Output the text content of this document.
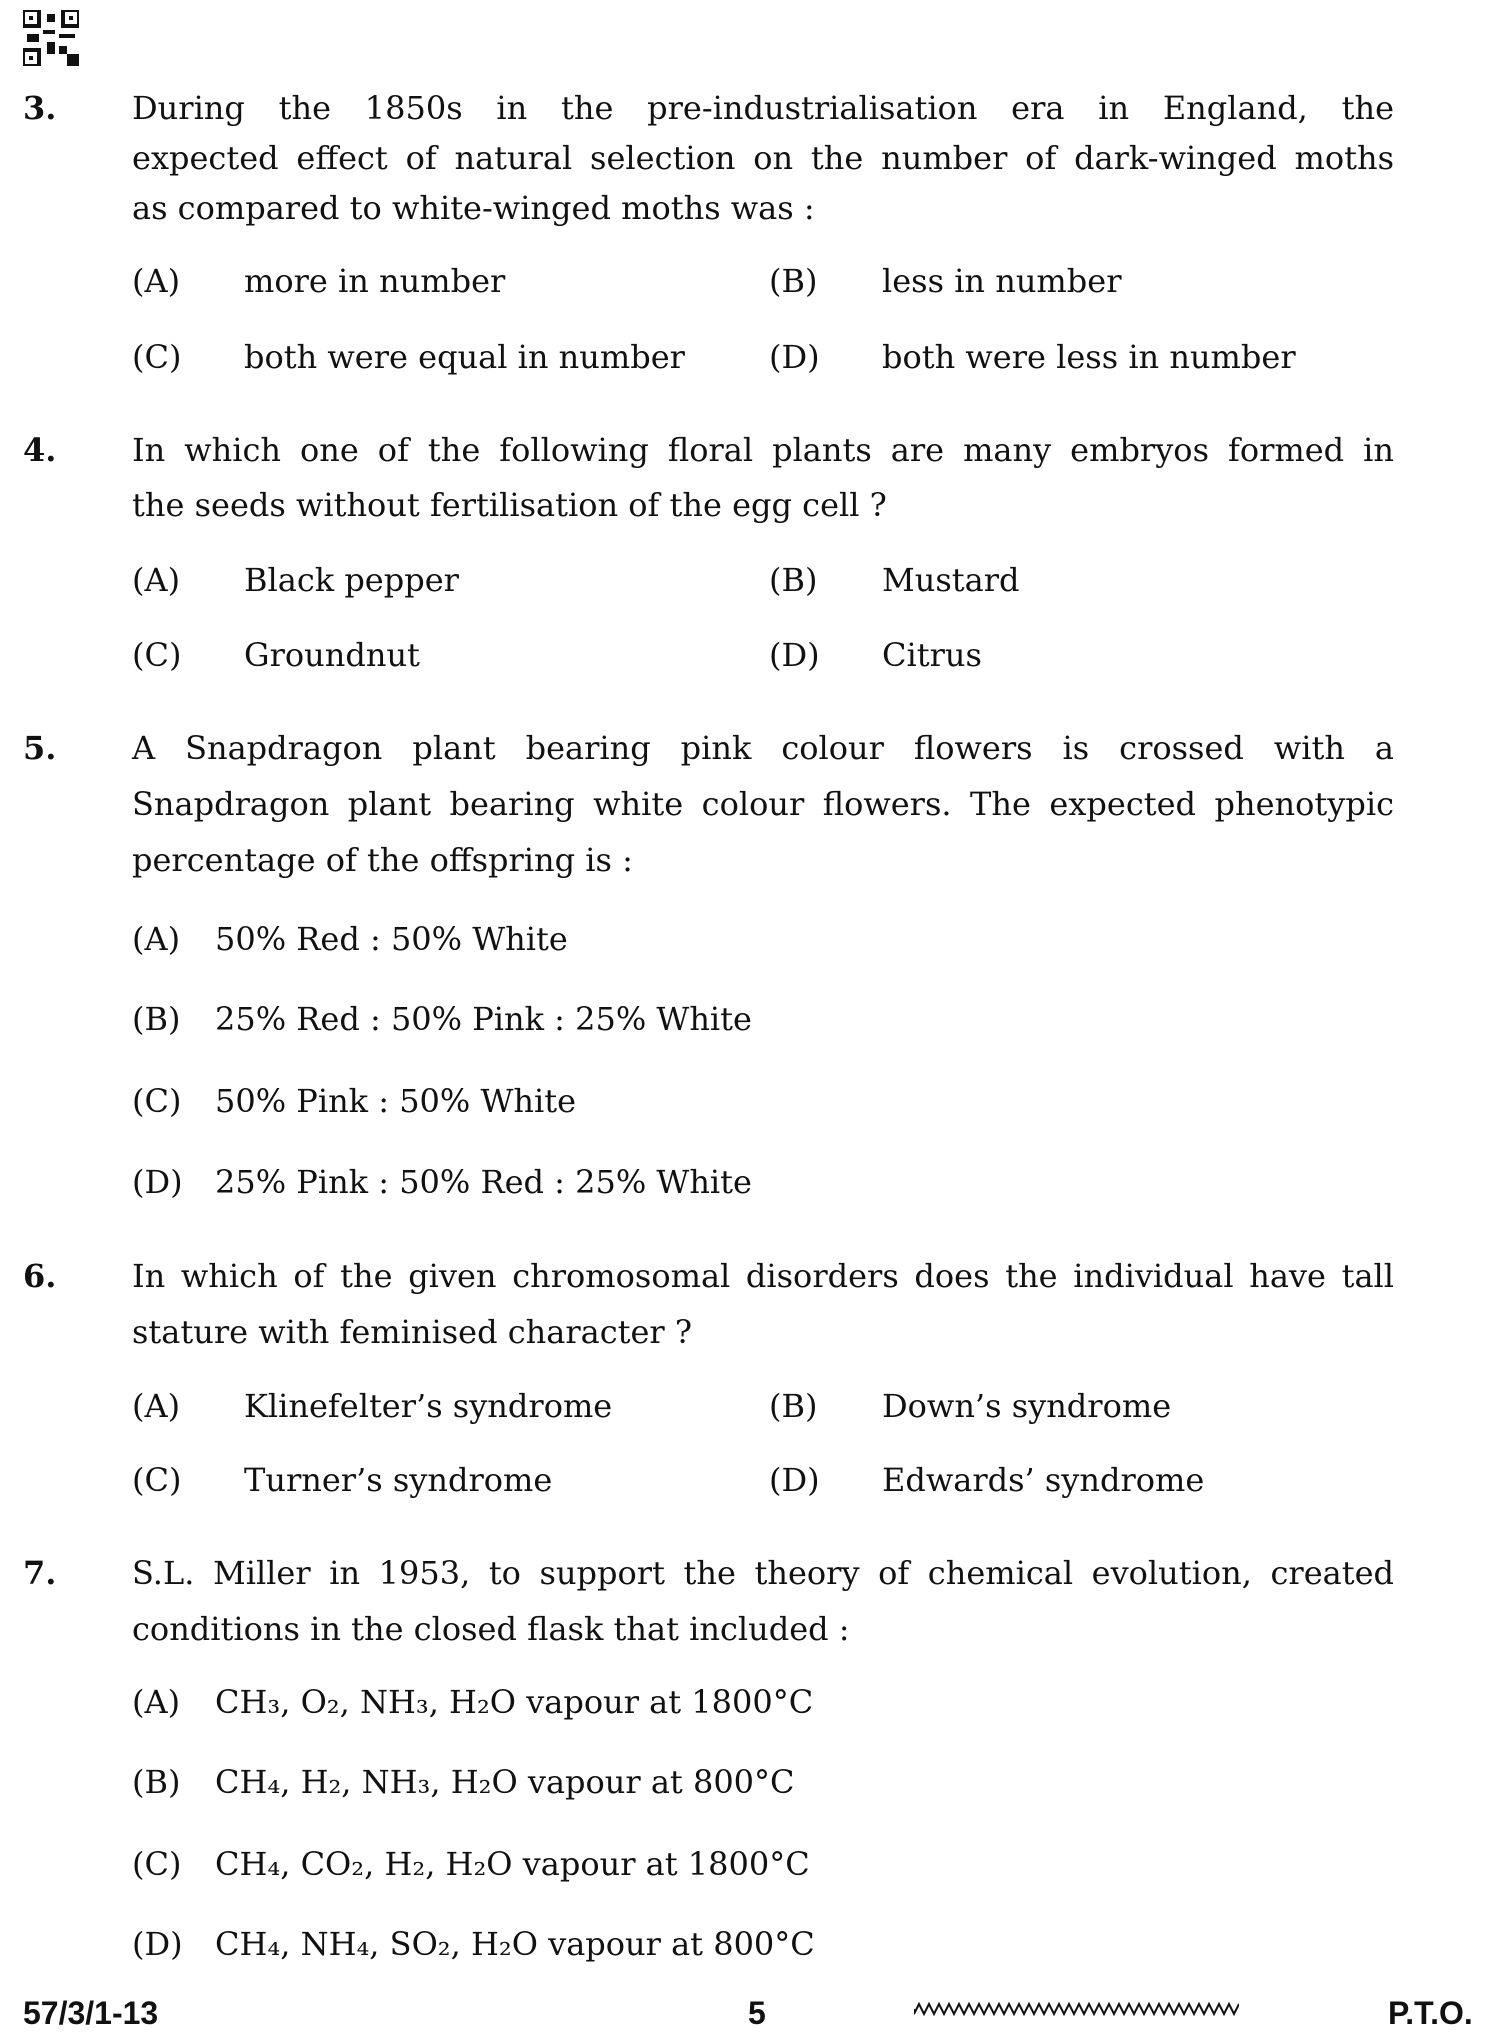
3. During the 1850s in the pre-industrialisation era in England, the
expected effect of natural selection on the number of dark-winged moths
as compared to white-winged moths was :
(A) more in number	(B) less in number
(C) both were equal in number	(D) both were less in number
4. In which one of the following floral plants are many embryos formed in
the seeds without fertilisation of the egg cell ?
(A) Black pepper	(B) Mustard
(C) Groundnut	(D) Citrus
5. A Snapdragon plant bearing pink colour flowers is crossed with a
Snapdragon plant bearing white colour flowers. The expected phenotypic
percentage of the offspring is :
(A) 50% Red : 50% White
(B) 25% Red : 50% Pink : 25% White
(C) 50% Pink : 50% White
(D) 25% Pink : 50% Red : 25% White
6. In which of the given chromosomal disorders does the individual have tall
stature with feminised character ?
(A) Klinefelter’s syndrome	(B) Down’s syndrome
(C) Turner’s syndrome	(D) Edwards’ syndrome
7. S.L. Miller in 1953, to support the theory of chemical evolution, created
conditions in the closed flask that included :
(A) CH₃, O₂, NH₃, H₂O vapour at 1800°C
(B) CH₄, H₂, NH₃, H₂O vapour at 800°C
(C) CH₄, CO₂, H₂, H₂O vapour at 1800°C
(D) CH₄, NH₄, SO₂, H₂O vapour at 800°C
57/3/1-13	5	P.T.O.
